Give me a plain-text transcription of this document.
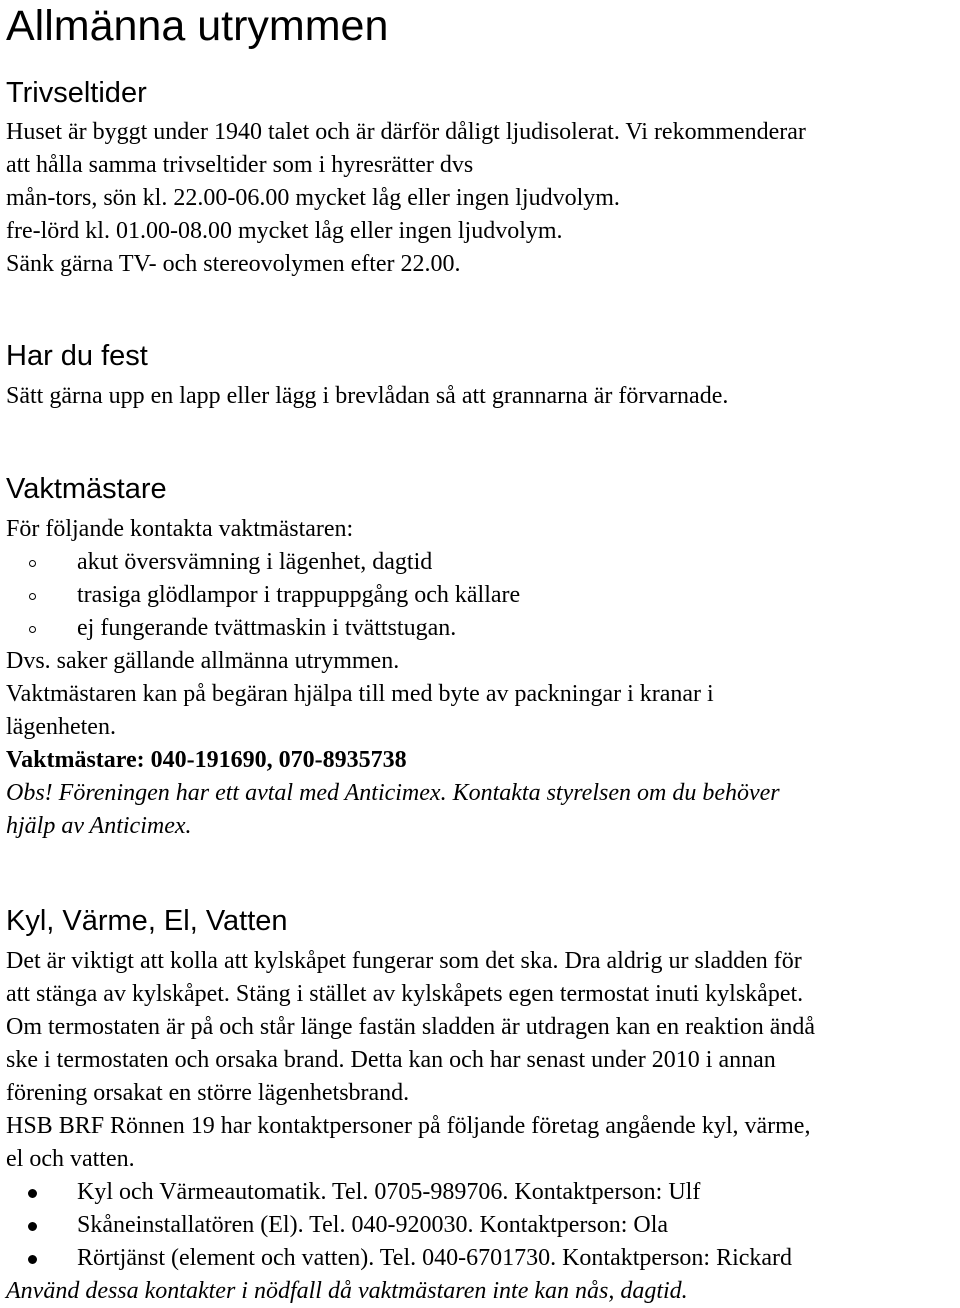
Allmänna utrymmen
Trivseltider
Huset är byggt under 1940 talet och är därför dåligt ljudisolerat. Vi rekommenderar
att hålla samma trivseltider som i hyresrätter dvs
mån-tors, sön kl. 22.00-06.00 mycket låg eller ingen ljudvolym.
fre-lörd kl. 01.00-08.00 mycket låg eller ingen ljudvolym.
Sänk gärna TV- och stereovolymen efter 22.00.
Har du fest
Sätt gärna upp en lapp eller lägg i brevlådan så att grannarna är förvarnade.
Vaktmästare
För följande kontakta vaktmästaren:
akut översvämning i lägenhet, dagtid
trasiga glödlampor i trappuppgång och källare
ej fungerande tvättmaskin i tvättstugan.
Dvs. saker gällande allmänna utrymmen.
Vaktmästaren kan på begäran hjälpa till med byte av packningar i kranar i
lägenheten.
Vaktmästare: 040-191690, 070-8935738
Obs! Föreningen har ett avtal med Anticimex. Kontakta styrelsen om du behöver
hjälp av Anticimex.
Kyl, Värme, El, Vatten
Det är viktigt att kolla att kylskåpet fungerar som det ska. Dra aldrig ur sladden för
att stänga av kylskåpet. Stäng i stället av kylskåpets egen termostat inuti kylskåpet.
Om termostaten är på och står länge fastän sladden är utdragen kan en reaktion ändå
ske i termostaten och orsaka brand. Detta kan och har senast under 2010 i annan
förening orsakat en större lägenhetsbrand.
HSB BRF Rönnen 19 har kontaktpersoner på följande företag angående kyl, värme,
el och vatten.
Kyl och Värmeautomatik. Tel. 0705-989706. Kontaktperson: Ulf
Skåneinstallatören (El). Tel. 040-920030. Kontaktperson: Ola
Rörtjänst (element och vatten). Tel. 040-6701730. Kontaktperson: Rickard
Använd dessa kontakter i nödfall då vaktmästaren inte kan nås, dagtid.
